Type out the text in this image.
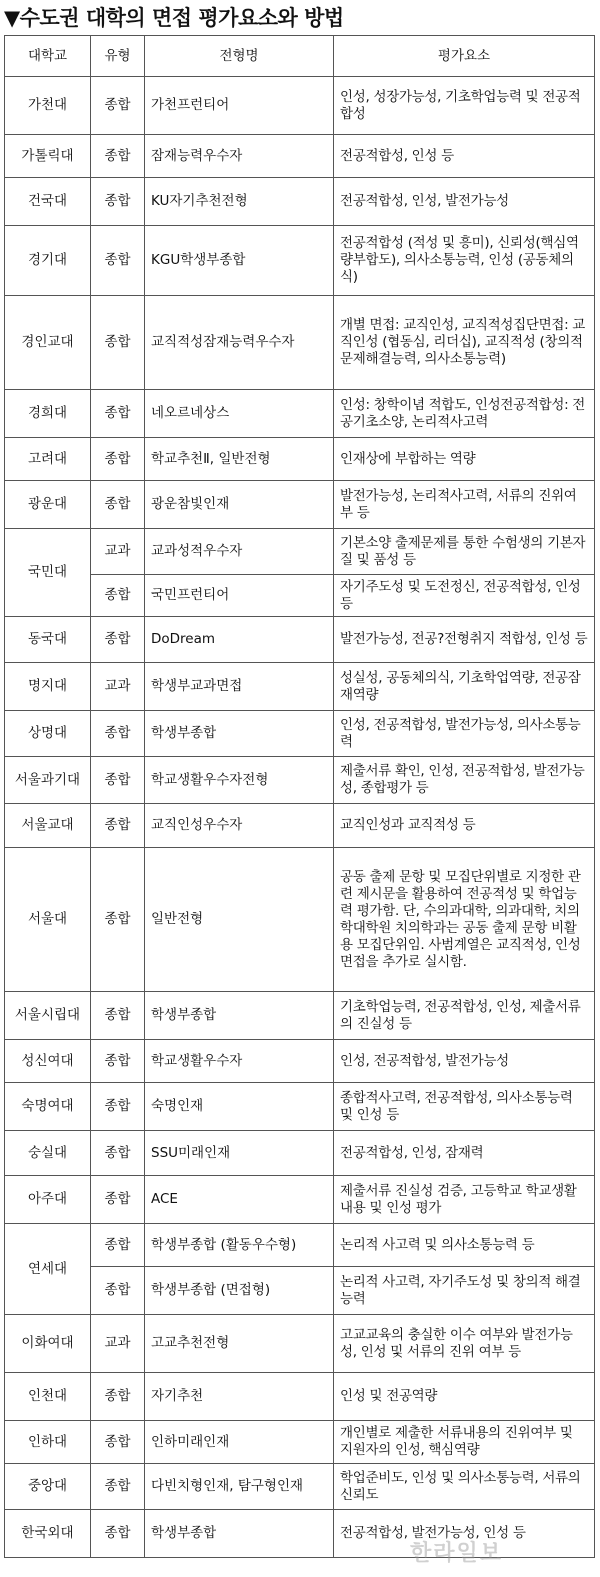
▼수도권 대학의 면접 평가요소와 방법
대학교	유형	전형명	평가요소
가천대	종합	가천프런티어	인성, 성장가능성, 기초학업능력 및 전공적합성
가톨릭대	종합	잠재능력우수자	전공적합성, 인성 등
건국대	종합	KU자기추천전형	전공적합성, 인성, 발전가능성
경기대	종합	KGU학생부종합	전공적합성 (적성 및 흥미), 신뢰성(핵심역량부합도), 의사소통능력, 인성 (공동체의식)
경인교대	종합	교직적성잠재능력우수자	개별 면접: 교직인성, 교직적성집단면접: 교직인성 (협동심, 리더십), 교직적성 (창의적 문제해결능력, 의사소통능력)
경희대	종합	네오르네상스	인성: 창학이념 적합도, 인성전공적합성: 전공기초소양, 논리적사고력
고려대	종합	학교추천Ⅱ, 일반전형	인재상에 부합하는 역량
광운대	종합	광운참빛인재	발전가능성, 논리적사고력, 서류의 진위여부 등
국민대	교과	교과성적우수자	기본소양 출제문제를 통한 수험생의 기본자질 및 품성 등
	종합	국민프런티어	자기주도성 및 도전정신, 전공적합성, 인성 등
동국대	종합	DoDream	발전가능성, 전공?전형취지 적합성, 인성 등
명지대	교과	학생부교과면접	성실성, 공동체의식, 기초학업역량, 전공잠재역량
상명대	종합	학생부종합	인성, 전공적합성, 발전가능성, 의사소통능력
서울과기대	종합	학교생활우수자전형	제출서류 확인, 인성, 전공적합성, 발전가능성, 종합평가 등
서울교대	종합	교직인성우수자	교직인성과 교직적성 등
서울대	종합	일반전형	공동 출제 문항 및 모집단위별로 지정한 관련 제시문을 활용하여 전공적성 및 학업능력 평가함. 단, 수의과대학, 의과대학, 치의학대학원 치의학과는 공동 출제 문항 비활용 모집단위임. 사범계열은 교직적성, 인성면접을 추가로 실시함.
서울시립대	종합	학생부종합	기초학업능력, 전공적합성, 인성, 제출서류의 진실성 등
성신여대	종합	학교생활우수자	인성, 전공적합성, 발전가능성
숙명여대	종합	숙명인재	종합적사고력, 전공적합성, 의사소통능력 및 인성 등
숭실대	종합	SSU미래인재	전공적합성, 인성, 잠재력
아주대	종합	ACE	제출서류 진실성 검증, 고등학교 학교생활 내용 및 인성 평가
연세대	종합	학생부종합 (활동우수형)	논리적 사고력 및 의사소통능력 등
	종합	학생부종합 (면접형)	논리적 사고력, 자기주도성 및 창의적 해결 능력
이화여대	교과	고교추천전형	고교교육의 충실한 이수 여부와 발전가능성, 인성 및 서류의 진위 여부 등
인천대	종합	자기추천	인성 및 전공역량
인하대	종합	인하미래인재	개인별로 제출한 서류내용의 진위여부 및 지원자의 인성, 핵심역량
중앙대	종합	다빈치형인재, 탐구형인재	학업준비도, 인성 및 의사소통능력, 서류의 신뢰도
한국외대	종합	학생부종합	전공적합성, 발전가능성, 인성 등
한라일보
